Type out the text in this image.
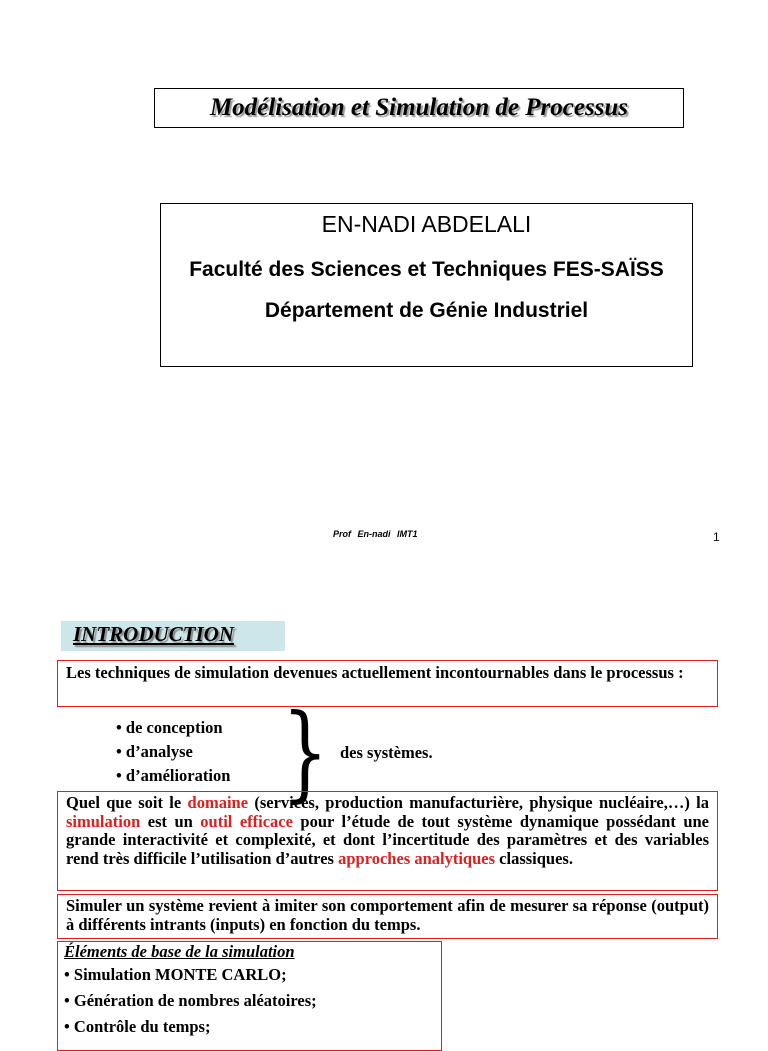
Modélisation et Simulation de Processus
EN-NADI ABDELALI
Faculté des Sciences et Techniques FES-SAÏSS
Département de Génie Industriel
Prof En-nadi IMT1	1
INTRODUCTION
Les techniques de simulation devenues actuellement incontournables dans le processus :
• de conception
• d’analyse
• d’amélioration } des systèmes.
Quel que soit le domaine (services, production manufacturière, physique nucléaire,…) la simulation est un outil efficace pour l’étude de tout système dynamique possédant une grande interactivité et complexité, et dont l’incertitude des paramètres et des variables rend très difficile l’utilisation d’autres approches analytiques classiques.
Simuler un système revient à imiter son comportement afin de mesurer sa réponse (output) à différents intrants (inputs) en fonction du temps.
Éléments de base de la simulation
• Simulation MONTE CARLO;
• Génération de nombres aléatoires;
• Contrôle du temps;
